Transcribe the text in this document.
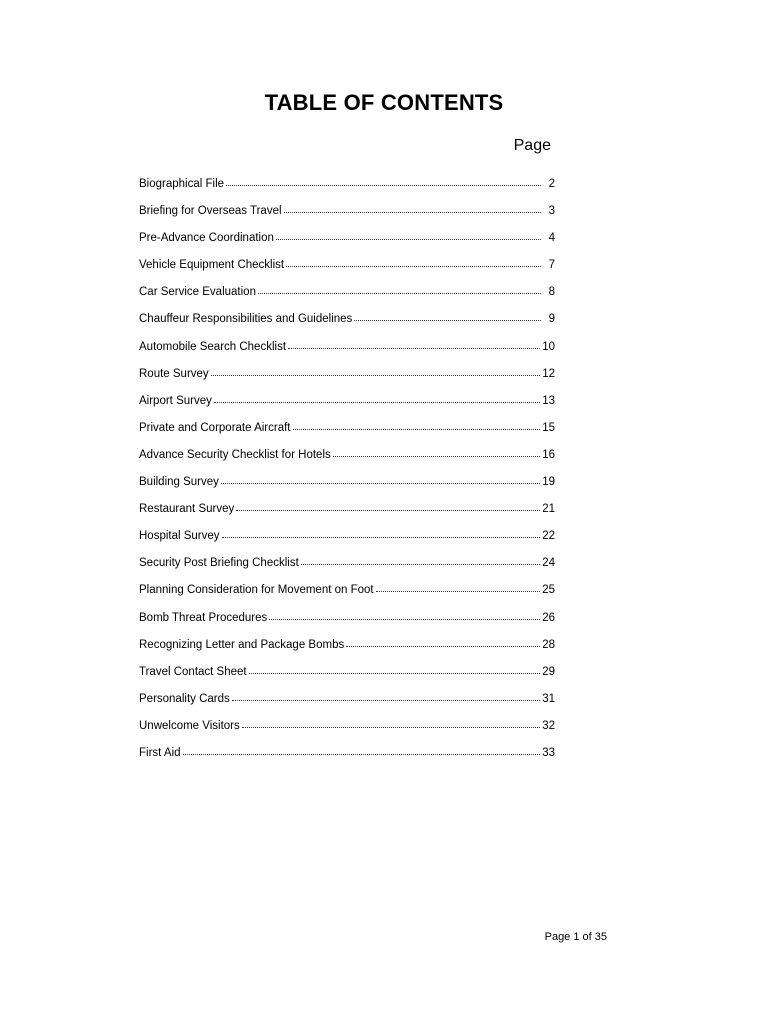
TABLE OF CONTENTS
Page
Biographical File	2
Briefing for Overseas Travel	3
Pre-Advance Coordination	4
Vehicle Equipment Checklist	7
Car Service Evaluation	8
Chauffeur Responsibilities and Guidelines	9
Automobile Search Checklist	10
Route Survey	12
Airport Survey	13
Private and Corporate Aircraft	15
Advance Security Checklist for Hotels	16
Building Survey	19
Restaurant Survey	21
Hospital Survey	22
Security Post Briefing Checklist	24
Planning Consideration for Movement on Foot	25
Bomb Threat Procedures	26
Recognizing Letter and Package Bombs	28
Travel Contact Sheet	29
Personality Cards	31
Unwelcome Visitors	32
First Aid	33
Page 1 of 35
